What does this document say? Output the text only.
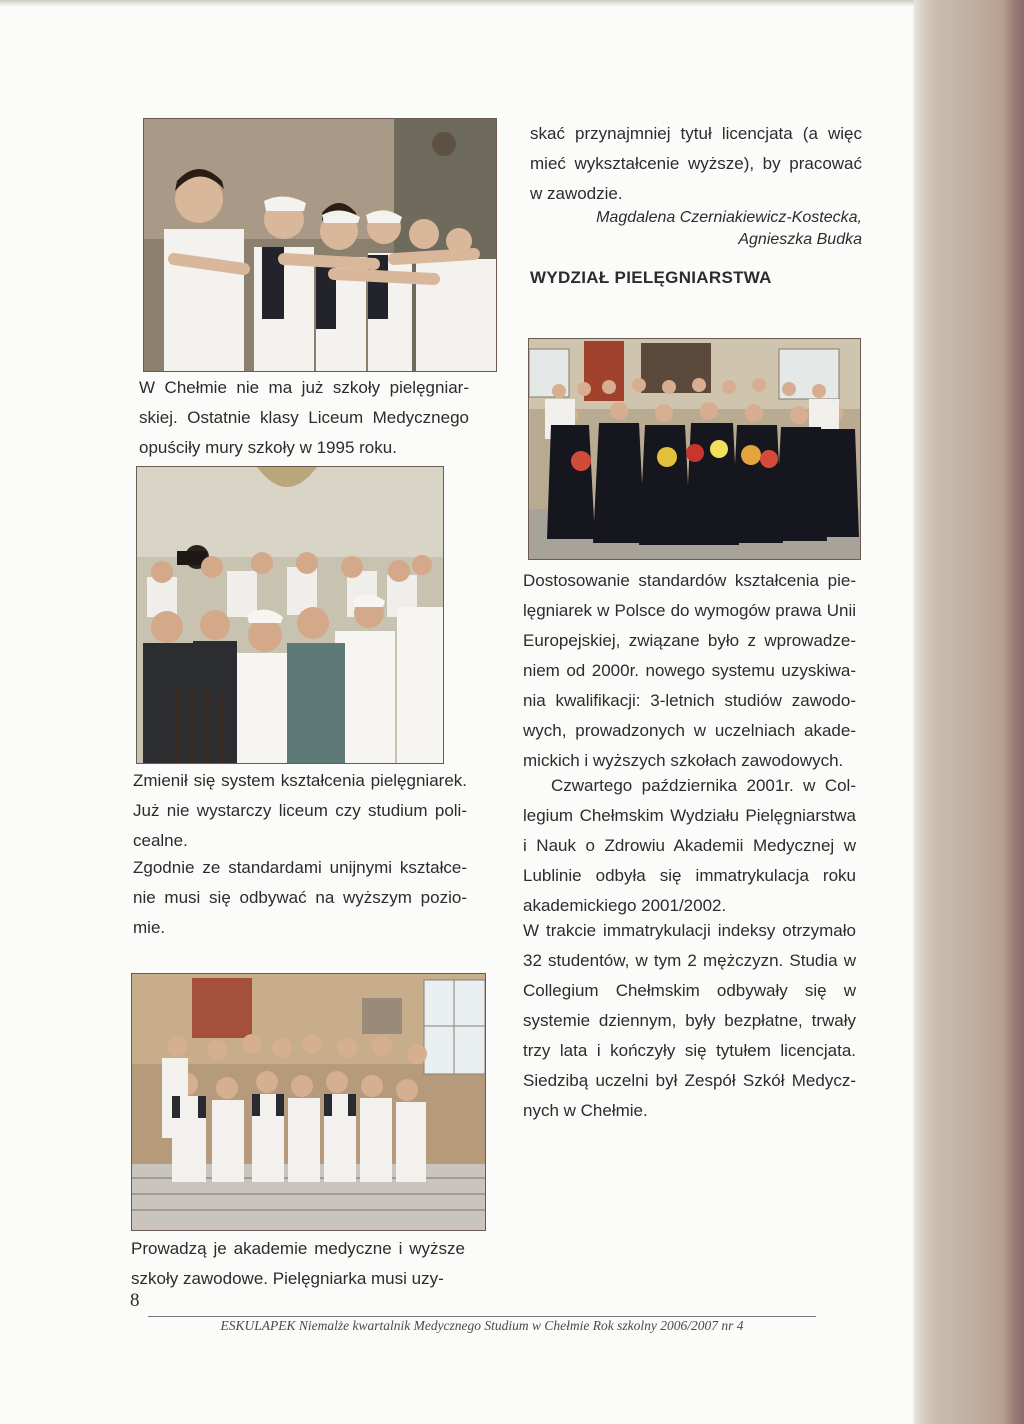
skać przynajmniej tytuł licencjata (a więc mieć wykształcenie wyższe), by pracować w zawodzie.
Magdalena Czerniakiewicz-Kostecka,
Agnieszka Budka
WYDZIAŁ PIELĘGNIARSTWA
W Chełmie nie ma już szkoły pielęgniar-skiej. Ostatnie klasy Liceum Medycznego opuściły mury szkoły w 1995 roku.
Zmienił się system kształcenia pielęgniarek. Już nie wystarczy liceum czy studium poli-cealne.
Zgodnie ze standardami unijnymi kształce-nie musi się odbywać na wyższym pozio-mie.
Prowadzą je akademie medyczne i wyższe szkoły zawodowe. Pielęgniarka musi uzy-
Dostosowanie standardów kształcenia pie-lęgniarek w Polsce do wymogów prawa Unii Europejskiej, związane było z wprowadze-niem od 2000r. nowego systemu uzyskiwa-nia kwalifikacji: 3-letnich studiów zawodo-wych, prowadzonych w uczelniach akade-mickich i wyższych szkołach zawodowych.
Czwartego października 2001r. w Col-legium Chełmskim Wydziału Pielęgniarstwa i Nauk o Zdrowiu Akademii Medycznej w Lublinie odbyła się immatrykulacja roku akademickiego 2001/2002.
W trakcie immatrykulacji indeksy otrzymało 32 studentów, w tym 2 mężczyzn. Studia w Collegium Chełmskim odbywały się w systemie dziennym, były bezpłatne, trwały trzy lata i kończyły się tytułem licencjata. Siedzibą uczelni był Zespół Szkół Medycz-nych w Chełmie.
8
ESKULAPEK Niemalże kwartalnik Medycznego Studium w Chełmie Rok szkolny 2006/2007 nr 4
